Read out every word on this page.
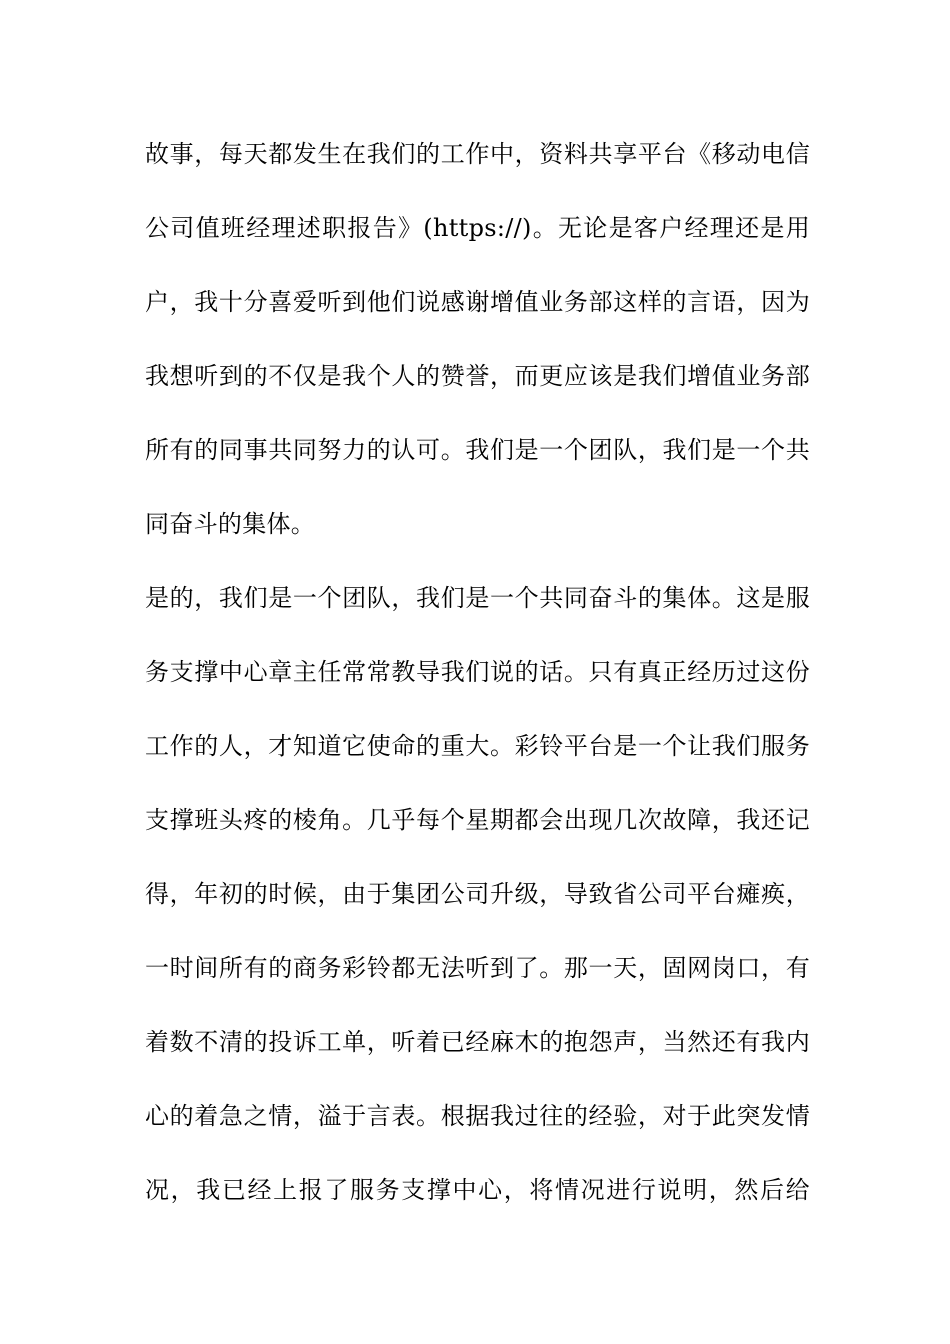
故事，每天都发生在我们的工作中，资料共享平台《移动电信
公司值班经理述职报告》(https://)。无论是客户经理还是用
户，我十分喜爱听到他们说感谢增值业务部这样的言语，因为
我想听到的不仅是我个人的赞誉，而更应该是我们增值业务部
所有的同事共同努力的认可。我们是一个团队，我们是一个共
同奋斗的集体。
是的，我们是一个团队，我们是一个共同奋斗的集体。这是服
务支撑中心章主任常常教导我们说的话。只有真正经历过这份
工作的人，才知道它使命的重大。彩铃平台是一个让我们服务
支撑班头疼的棱角。几乎每个星期都会出现几次故障，我还记
得，年初的时候，由于集团公司升级，导致省公司平台瘫痪，
一时间所有的商务彩铃都无法听到了。那一天，固网岗口，有
着数不清的投诉工单，听着已经麻木的抱怨声，当然还有我内
心的着急之情，溢于言表。根据我过往的经验，对于此突发情
况，我已经上报了服务支撑中心，将情况进行说明，然后给
